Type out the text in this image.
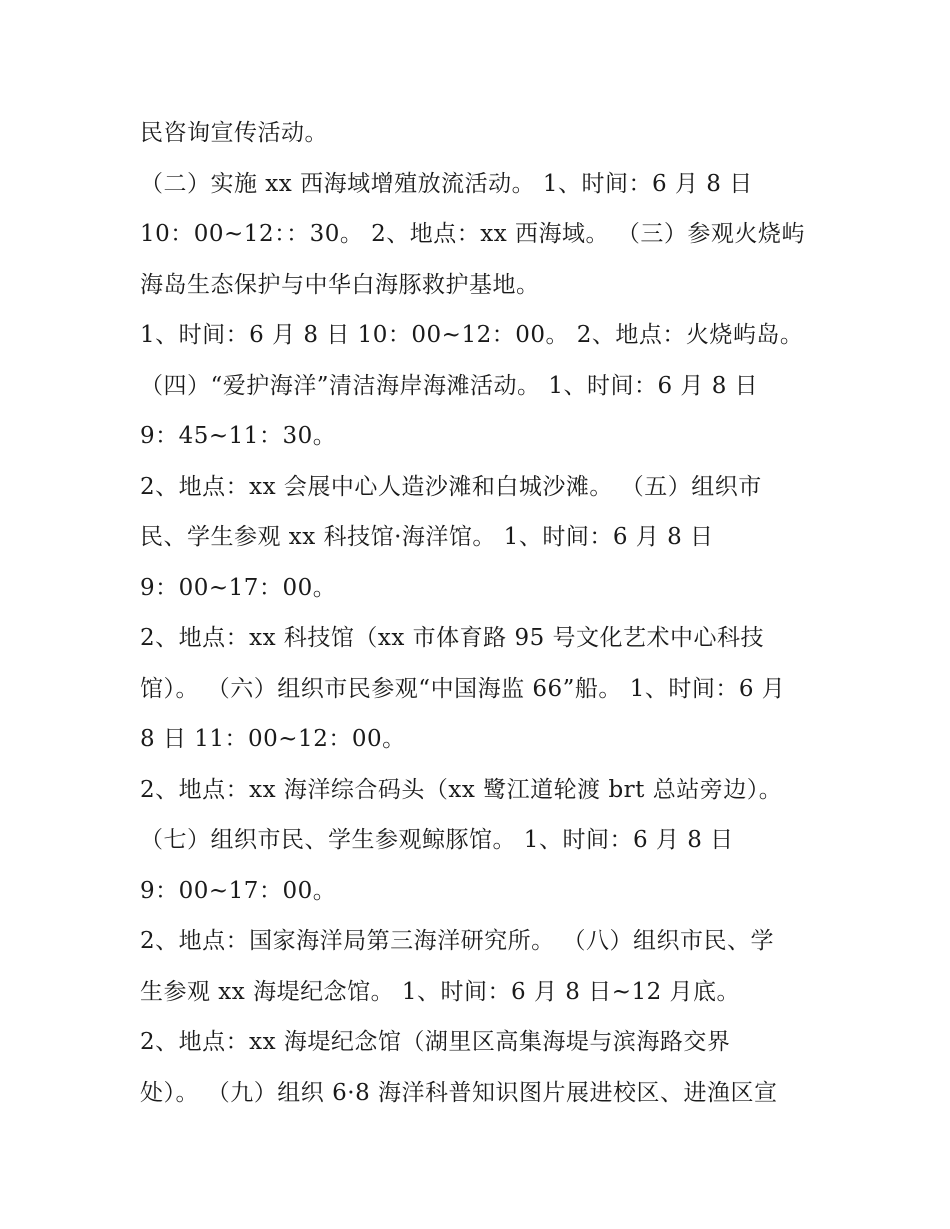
民咨询宣传活动。
（二）实施 xx 西海域增殖放流活动。 1、时间：6 月 8 日
10：00~12：：30。 2、地点：xx 西海域。 （三）参观火烧屿
海岛生态保护与中华白海豚救护基地。
1、时间：6 月 8 日 10：00~12：00。 2、地点：火烧屿岛。
（四）“爱护海洋”清洁海岸海滩活动。 1、时间：6 月 8 日
9：45~11：30。
2、地点：xx 会展中心人造沙滩和白城沙滩。 （五）组织市
民、学生参观 xx 科技馆·海洋馆。 1、时间：6 月 8 日
9：00~17：00。
2、地点：xx 科技馆（xx 市体育路 95 号文化艺术中心科技
馆）。 （六）组织市民参观“中国海监 66”船。 1、时间：6 月
8 日 11：00~12：00。
2、地点：xx 海洋综合码头（xx 鹭江道轮渡 brt 总站旁边）。
（七）组织市民、学生参观鲸豚馆。 1、时间：6 月 8 日
9：00~17：00。
2、地点：国家海洋局第三海洋研究所。 （八）组织市民、学
生参观 xx 海堤纪念馆。 1、时间：6 月 8 日~12 月底。
2、地点：xx 海堤纪念馆（湖里区高集海堤与滨海路交界
处）。 （九）组织 6·8 海洋科普知识图片展进校区、进渔区宣
